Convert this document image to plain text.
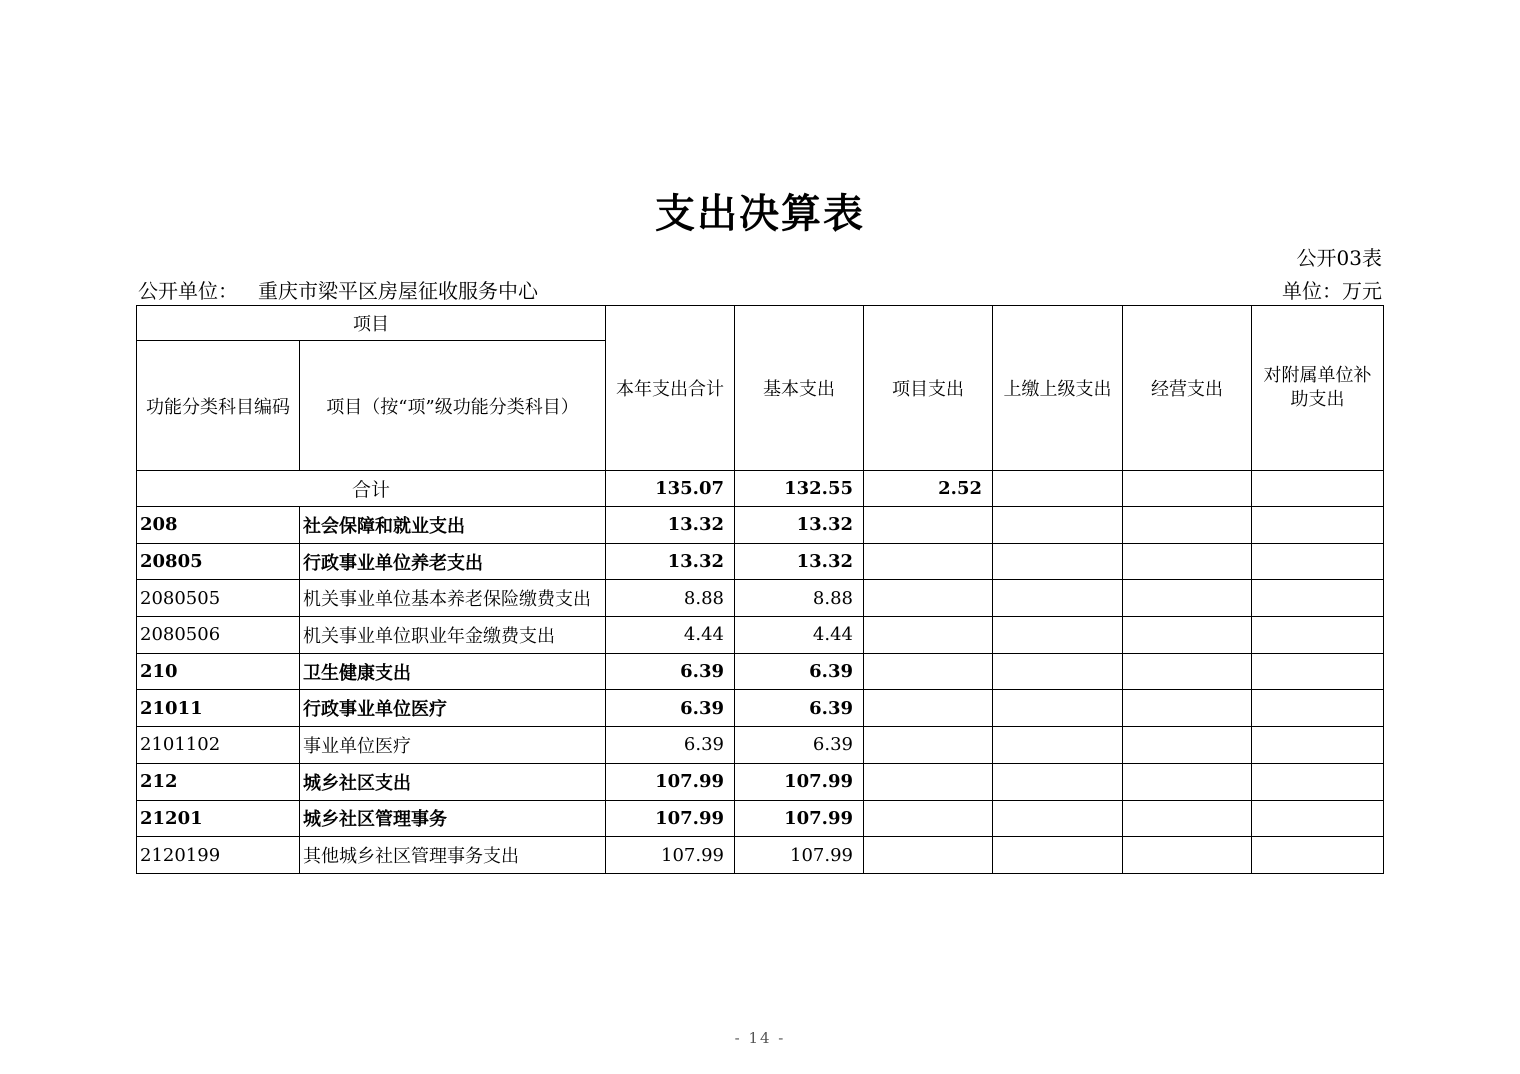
支出决算表
公开03表
公开单位： 重庆市梁平区房屋征收服务中心	单位：万元
项目		本年支出合计	基本支出	项目支出	上缴上级支出	经营支出	对附属单位补助支出
功能分类科目编码	项目（按“项”级功能分类科目）						
合计		135.07	132.55	2.52			
208	社会保障和就业支出	13.32	13.32				
20805	行政事业单位养老支出	13.32	13.32				
2080505	机关事业单位基本养老保险缴费支出	8.88	8.88				
2080506	机关事业单位职业年金缴费支出	4.44	4.44				
210	卫生健康支出	6.39	6.39				
21011	行政事业单位医疗	6.39	6.39				
2101102	事业单位医疗	6.39	6.39				
212	城乡社区支出	107.99	107.99				
21201	城乡社区管理事务	107.99	107.99				
2120199	其他城乡社区管理事务支出	107.99	107.99				
- 14 -
